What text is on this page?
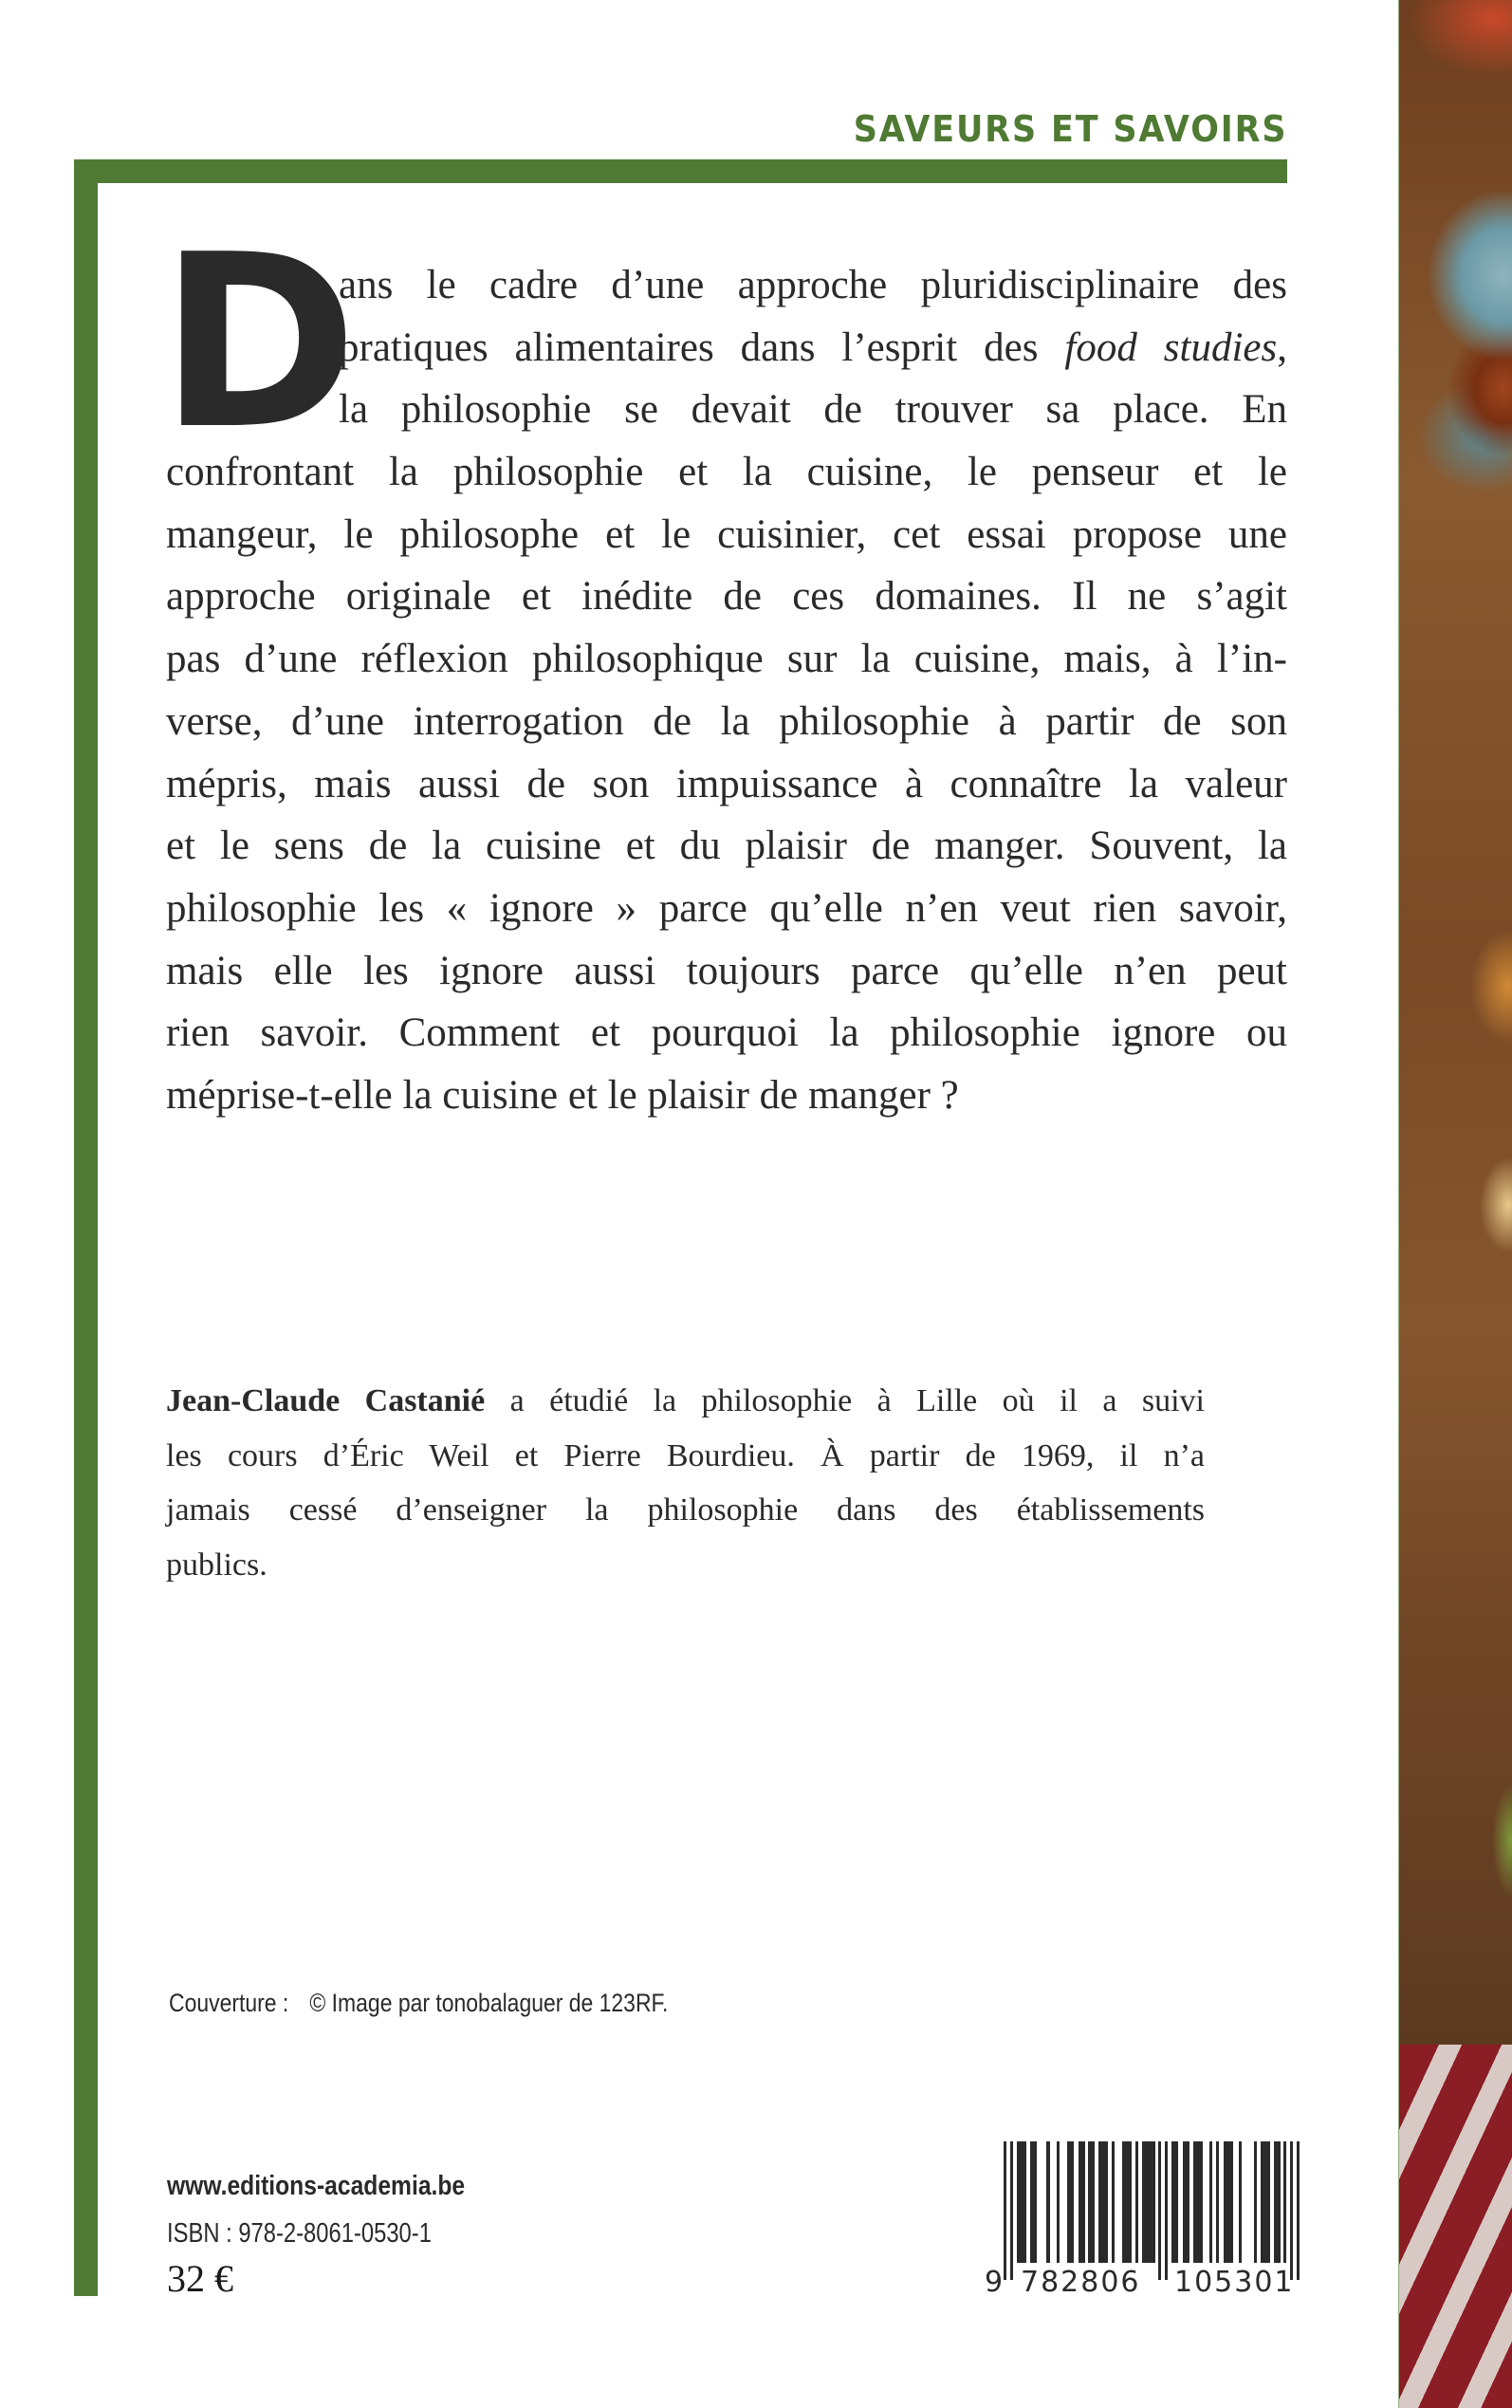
SAVEURS ET SAVOIRS
D
ans le cadre d’une approche pluridisciplinaire des
pratiques alimentaires dans l’esprit des food studies,
la philosophie se devait de trouver sa place. En
confrontant la philosophie et la cuisine, le penseur et le
mangeur, le philosophe et le cuisinier, cet essai propose une
approche originale et inédite de ces domaines. Il ne s’agit
pas d’une réflexion philosophique sur la cuisine, mais, à l’in-
verse, d’une interrogation de la philosophie à partir de son
mépris, mais aussi de son impuissance à connaître la valeur
et le sens de la cuisine et du plaisir de manger. Souvent, la
philosophie les « ignore » parce qu’elle n’en veut rien savoir,
mais elle les ignore aussi toujours parce qu’elle n’en peut
rien savoir. Comment et pourquoi la philosophie ignore ou
méprise-t-elle la cuisine et le plaisir de manger ?
Jean-Claude Castanié a étudié la philosophie à Lille où il a suivi
les cours d’Éric Weil et Pierre Bourdieu. À partir de 1969, il n’a
jamais cessé d’enseigner la philosophie dans des établissements
publics.
Couverture : © Image par tonobalaguer de 123RF.
www.editions-academia.be
ISBN : 978-2-8061-0530-1
32 €	9 782806	105301
